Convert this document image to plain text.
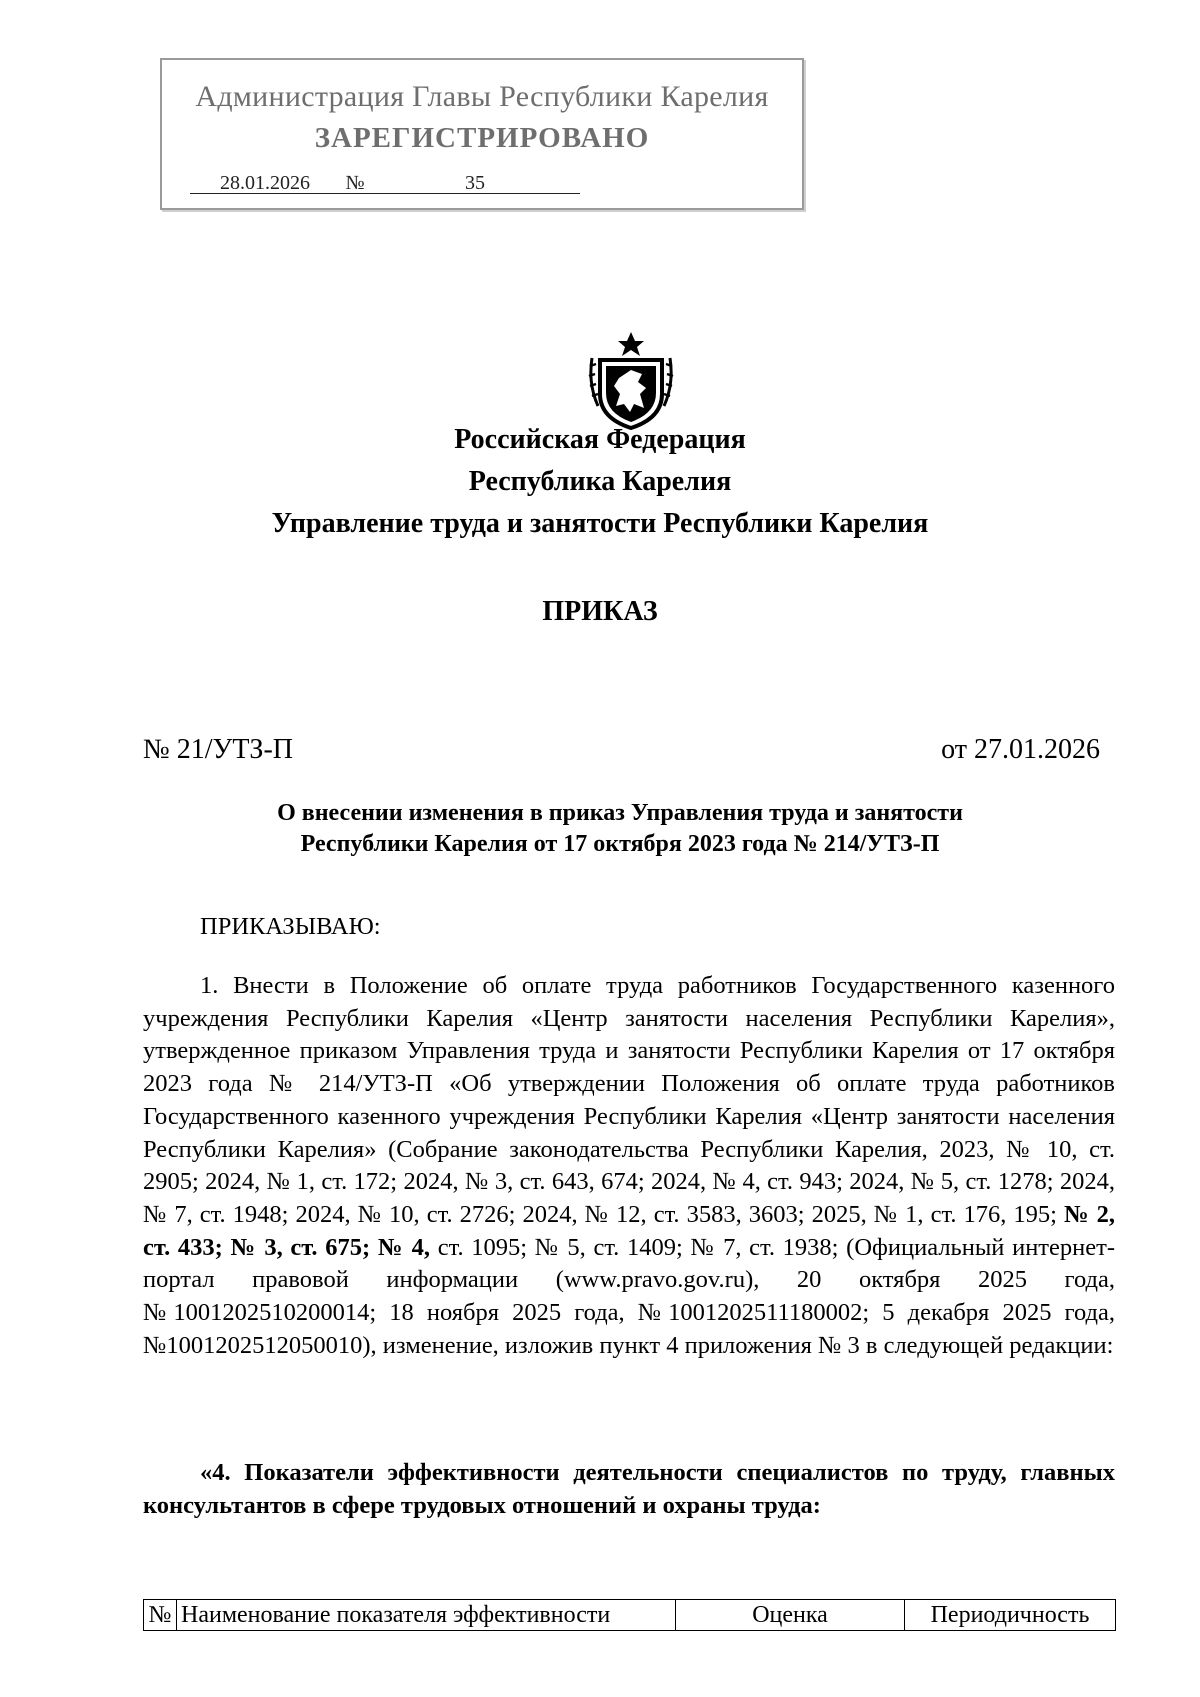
Администрация Главы Республики Карелия
ЗАРЕГИСТРИРОВАНО
28.01.2026 №	35
Российская Федерация
Республика Карелия
Управление труда и занятости Республики Карелия
ПРИКАЗ
№ 21/УТЗ-П	от 27.01.2026
О внесении изменения в приказ Управления труда и занятости
Республики Карелия от 17 октября 2023 года № 214/УТЗ-П
ПРИКАЗЫВАЮ:
1. Внести в Положение об оплате труда работников Государственного казенного учреждения Республики Карелия «Центр занятости населения Республики Карелия», утвержденное приказом Управления труда и занятости Республики Карелия от 17 октября 2023 года № 214/УТЗ-П «Об утверждении Положения об оплате труда работников Государственного казенного учреждения Республики Карелия «Центр занятости населения Республики Карелия» (Собрание законодательства Республики Карелия, 2023, № 10, ст. 2905; 2024, № 1, ст. 172; 2024, № 3, ст. 643, 674; 2024, № 4, ст. 943; 2024, № 5, ст. 1278; 2024, № 7, ст. 1948; 2024, № 10, ст. 2726; 2024, № 12, ст. 3583, 3603; 2025, № 1, ст. 176, 195; № 2, ст. 433; № 3, ст. 675; № 4, ст. 1095; № 5, ст. 1409; № 7, ст. 1938; (Официальный интернет-портал правовой информации (www.pravo.gov.ru), 20 октября 2025 года, №1001202510200014; 18 ноября 2025 года, №1001202511180002; 5 декабря 2025 года, №1001202512050010), изменение, изложив пункт 4 приложения № 3 в следующей редакции:
«4. Показатели эффективности деятельности специалистов по труду, главных консультантов в сфере трудовых отношений и охраны труда:
№	Наименование показателя эффективности	Оценка	Периодичность
